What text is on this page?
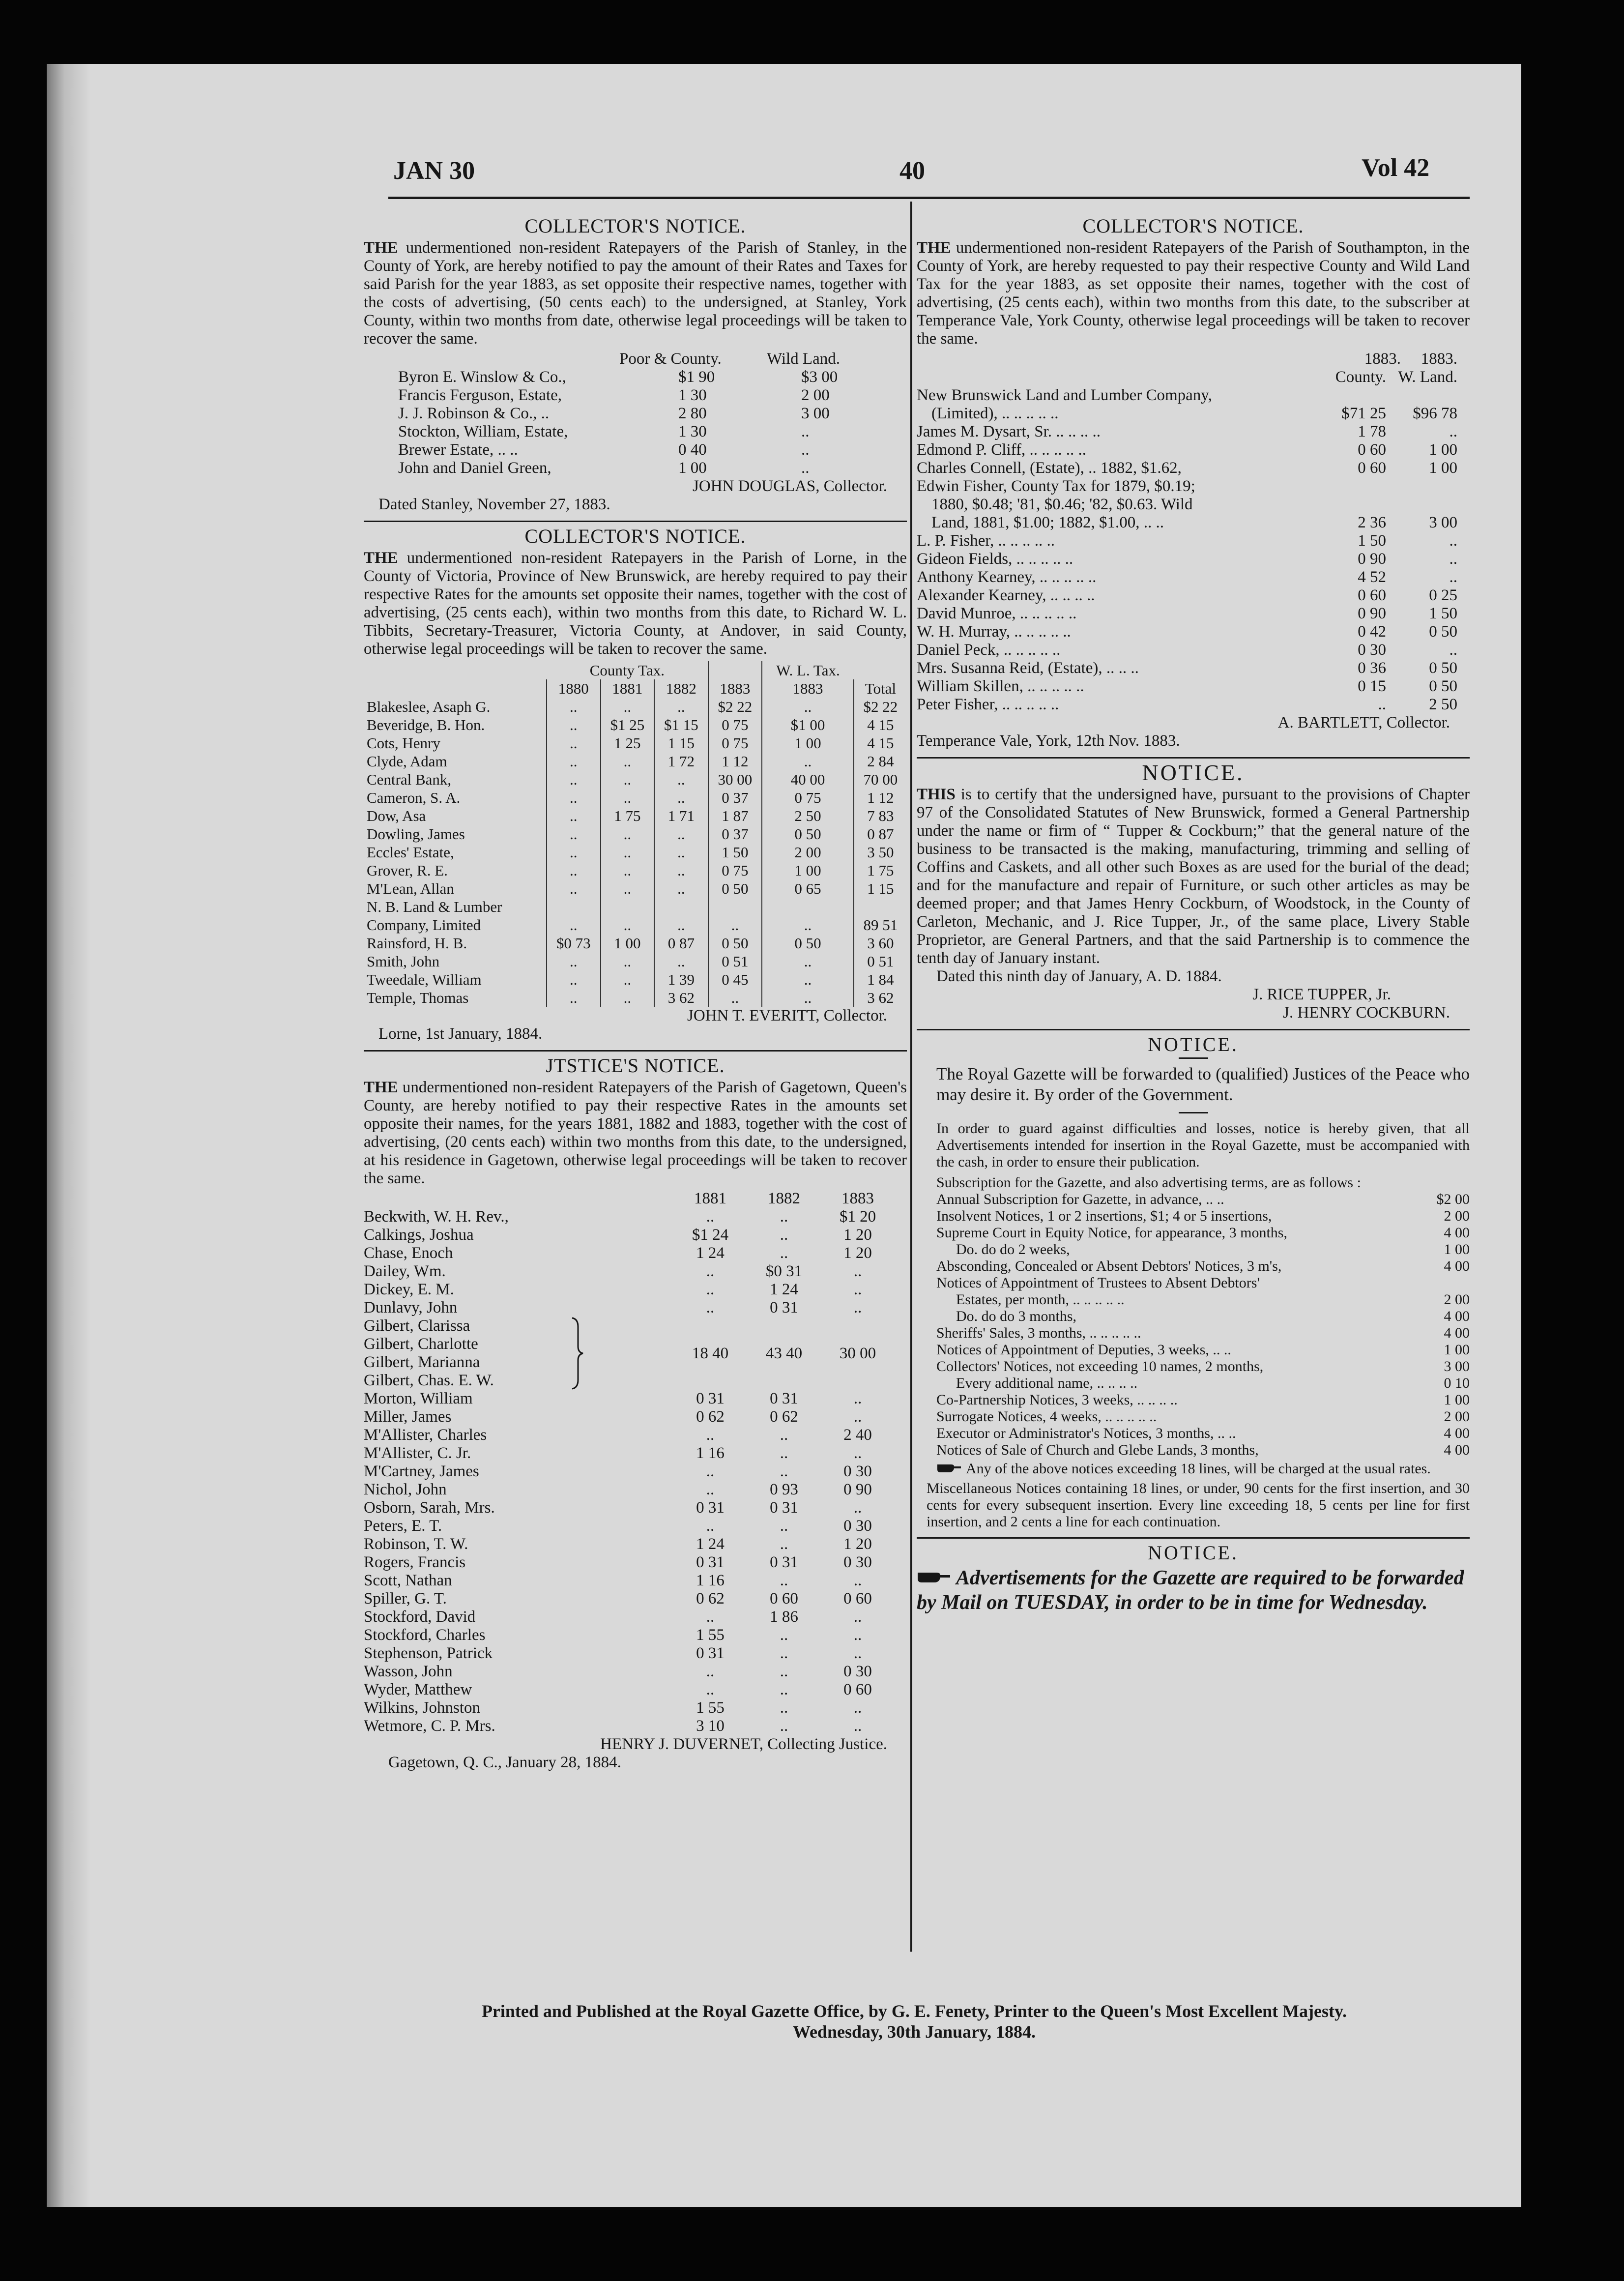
JAN 30	40	Vol 42
COLLECTOR'S NOTICE.
THE undermentioned non-resident Ratepayers of the Parish of Stanley, in the County of York, are hereby notified to pay the amount of their Rates and Taxes for said Parish for the year 1883, as set opposite their respective names, together with the costs of advertising, (50 cents each) to the undersigned, at Stanley, York County, within two months from date, otherwise legal proceedings will be taken to recover the same.
Poor & County.	Wild Land.
Byron E. Winslow & Co.,	$1 90	$3 00
Francis Ferguson, Estate,	1 30	2 00
J. J. Robinson & Co., ..	2 80	3 00
Stockton, William, Estate,	1 30	..
Brewer Estate, .. ..	0 40	..
John and Daniel Green,	1 00	..
JOHN DOUGLAS, Collector.
Dated Stanley, November 27, 1883.
COLLECTOR'S NOTICE.
THE undermentioned non-resident Ratepayers in the Parish of Lorne, in the County of Victoria, Province of New Brunswick, are hereby required to pay their respective Rates for the amounts set opposite their names, together with the cost of advertising, (25 cents each), within two months from this date, to Richard W. L. Tibbits, Secretary-Treasurer, Victoria County, at Andover, in said County, otherwise legal proceedings will be taken to recover the same.
	County Tax.				W. L. Tax.	
	1880	1881	1882	1883	1883	Total
Blakeslee, Asaph G.	..	..	..	$2 22	..	$2 22
Beveridge, B. Hon.	..	$1 25	$1 15	0 75	$1 00	4 15
Cots, Henry	..	1 25	1 15	0 75	1 00	4 15
Clyde, Adam	..	..	1 72	1 12	..	2 84
Central Bank,	..	..	..	30 00	40 00	70 00
Cameron, S. A.	..	..	..	0 37	0 75	1 12
Dow, Asa	..	1 75	1 71	1 87	2 50	7 83
Dowling, James	..	..	..	0 37	0 50	0 87
Eccles' Estate,	..	..	..	1 50	2 00	3 50
Grover, R. E.	..	..	..	0 75	1 00	1 75
M'Lean, Allan	..	..	..	0 50	0 65	1 15
N. B. Land & Lumber						
Company, Limited	..	..	..	..	..	89 51
Rainsford, H. B.	$0 73	1 00	0 87	0 50	0 50	3 60
Smith, John	..	..	..	0 51	..	0 51
Tweedale, William	..	..	1 39	0 45	..	1 84
Temple, Thomas	..	..	3 62	..	..	3 62
JOHN T. EVERITT, Collector.
Lorne, 1st January, 1884.
JTSTICE'S NOTICE.
THE undermentioned non-resident Ratepayers of the Parish of Gagetown, Queen's County, are hereby notified to pay their respective Rates in the amounts set opposite their names, for the years 1881, 1882 and 1883, together with the cost of advertising, (20 cents each) within two months from this date, to the undersigned, at his residence in Gagetown, otherwise legal proceedings will be taken to recover the same.
1881	1882	1883
Beckwith, W. H. Rev.,	..	..	$1 20
Calkings, Joshua	$1 24	..	1 20
Chase, Enoch	1 24	..	1 20
Dailey, Wm.	..	$0 31	..
Dickey, E. M.	..	1 24	..
Dunlavy, John	..	0 31	..
Gilbert, Clarissa
Gilbert, Charlotte
Gilbert, Marianna
Gilbert, Chas. E. W.
18 40	43 40	30 00
Morton, William	0 31	0 31	..
Miller, James	0 62	0 62	..
M'Allister, Charles	..	..	2 40
M'Allister, C. Jr.	1 16	..	..
M'Cartney, James	..	..	0 30
Nichol, John	..	0 93	0 90
Osborn, Sarah, Mrs.	0 31	0 31	..
Peters, E. T.	..	..	0 30
Robinson, T. W.	1 24	..	1 20
Rogers, Francis	0 31	0 31	0 30
Scott, Nathan	1 16	..	..
Spiller, G. T.	0 62	0 60	0 60
Stockford, David	..	1 86	..
Stockford, Charles	1 55	..	..
Stephenson, Patrick	0 31	..	..
Wasson, John	..	..	0 30
Wyder, Matthew	..	..	0 60
Wilkins, Johnston	1 55	..	..
Wetmore, C. P. Mrs.	3 10	..	..
HENRY J. DUVERNET, Collecting Justice.
Gagetown, Q. C., January 28, 1884.
COLLECTOR'S NOTICE.
THE undermentioned non-resident Ratepayers of the Parish of Southampton, in the County of York, are hereby requested to pay their respective County and Wild Land Tax for the year 1883, as set opposite their names, together with the cost of advertising, (25 cents each), within two months from this date, to the subscriber at Temperance Vale, York County, otherwise legal proceedings will be taken to recover the same.
1883.	1883.
County. W. Land.
New Brunswick Land and Lumber Company,
(Limited), .. .. .. .. ..	$71 25	$96 78
James M. Dysart, Sr. .. .. .. ..	1 78	..
Edmond P. Cliff, .. .. .. .. ..	0 60	1 00
Charles Connell, (Estate), .. 1882, $1.62,	0 60	1 00
Edwin Fisher, County Tax for 1879, $0.19;
1880, $0.48; '81, $0.46; '82, $0.63. Wild
Land, 1881, $1.00; 1882, $1.00, .. ..	2 36	3 00
L. P. Fisher, .. .. .. .. ..	1 50	..
Gideon Fields, .. .. .. .. ..	0 90	..
Anthony Kearney, .. .. .. .. ..	4 52	..
Alexander Kearney, .. .. .. ..	0 60	0 25
David Munroe, .. .. .. .. ..	0 90	1 50
W. H. Murray, .. .. .. .. ..	0 42	0 50
Daniel Peck, .. .. .. .. ..	0 30	..
Mrs. Susanna Reid, (Estate), .. .. ..	0 36	0 50
William Skillen, .. .. .. .. ..	0 15	0 50
Peter Fisher, .. .. .. .. ..	..	2 50
A. BARTLETT, Collector.
Temperance Vale, York, 12th Nov. 1883.
NOTICE.
THIS is to certify that the undersigned have, pursuant to the provisions of Chapter 97 of the Consolidated Statutes of New Brunswick, formed a General Partnership under the name or firm of “ Tupper & Cockburn;” that the general nature of the business to be transacted is the making, manufacturing, trimming and selling of Coffins and Caskets, and all other such Boxes as are used for the burial of the dead; and for the manufacture and repair of Furniture, or such other articles as may be deemed proper; and that James Henry Cockburn, of Woodstock, in the County of Carleton, Mechanic, and J. Rice Tupper, Jr., of the same place, Livery Stable Proprietor, are General Partners, and that the said Partnership is to commence the tenth day of January instant.
Dated this ninth day of January, A. D. 1884.
J. RICE TUPPER, Jr.
J. HENRY COCKBURN.
NOTICE.
The Royal Gazette will be forwarded to (qualified) Justices of the Peace who may desire it. By order of the Government.
In order to guard against difficulties and losses, notice is hereby given, that all Advertisements intended for insertion in the Royal Gazette, must be accompanied with the cash, in order to ensure their publication.
Subscription for the Gazette, and also advertising terms, are as follows :
Annual Subscription for Gazette, in advance, .. ..	$2 00
Insolvent Notices, 1 or 2 insertions, $1; 4 or 5 insertions,	2 00
Supreme Court in Equity Notice, for appearance, 3 months,	4 00
Do. do do 2 weeks,	1 00
Absconding, Concealed or Absent Debtors' Notices, 3 m's,	4 00
Notices of Appointment of Trustees to Absent Debtors'
Estates, per month, .. .. .. .. ..	2 00
Do. do do 3 months,	4 00
Sheriffs' Sales, 3 months, .. .. .. .. ..	4 00
Notices of Appointment of Deputies, 3 weeks, .. ..	1 00
Collectors' Notices, not exceeding 10 names, 2 months,	3 00
Every additional name, .. .. .. ..	0 10
Co-Partnership Notices, 3 weeks, .. .. .. ..	1 00
Surrogate Notices, 4 weeks, .. .. .. .. ..	2 00
Executor or Administrator's Notices, 3 months, .. ..	4 00
Notices of Sale of Church and Glebe Lands, 3 months,	4 00
Any of the above notices exceeding 18 lines, will be charged at the usual rates.
Miscellaneous Notices containing 18 lines, or under, 90 cents for the first insertion, and 30 cents for every subsequent insertion. Every line exceeding 18, 5 cents per line for first insertion, and 2 cents a line for each continuation.
NOTICE.
Advertisements for the Gazette are required to be forwarded by Mail on TUESDAY, in order to be in time for Wednesday.
Printed and Published at the Royal Gazette Office, by G. E. Fenety, Printer to the Queen's Most Excellent Majesty.
Wednesday, 30th January, 1884.
